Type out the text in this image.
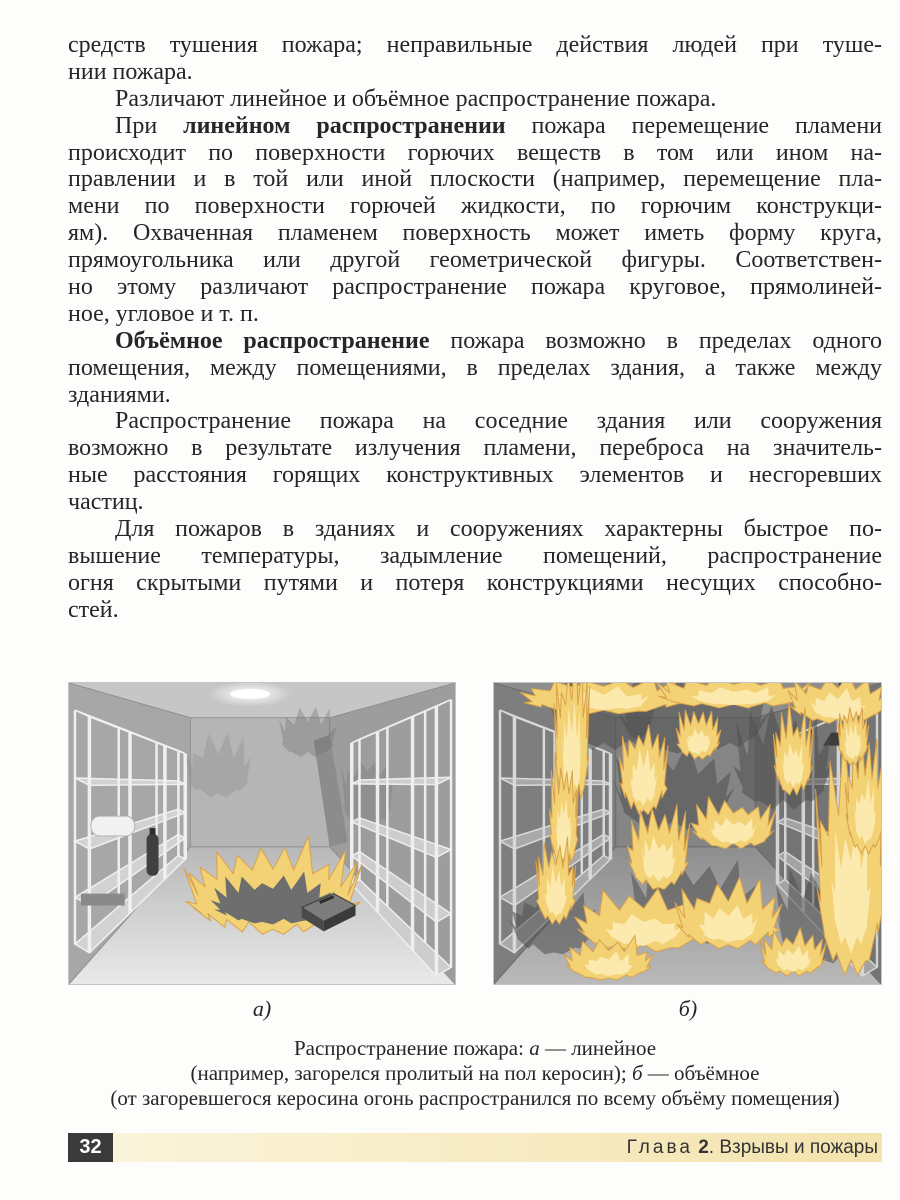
средств тушения пожара; неправильные действия людей при туше-
нии пожара.
Различают линейное и объёмное распространение пожара.
При линейном распространении пожара перемещение пламени
происходит по поверхности горючих веществ в том или ином на-
правлении и в той или иной плоскости (например, перемещение пла-
мени по поверхности горючей жидкости, по горючим конструкци-
ям). Охваченная пламенем поверхность может иметь форму круга,
прямоугольника или другой геометрической фигуры. Соответствен-
но этому различают распространение пожара круговое, прямолиней-
ное, угловое и т. п.
Объёмное распространение пожара возможно в пределах одного
помещения, между помещениями, в пределах здания, а также между
зданиями.
Распространение пожара на соседние здания или сооружения
возможно в результате излучения пламени, переброса на значитель-
ные расстояния горящих конструктивных элементов и несгоревших
частиц.
Для пожаров в зданиях и сооружениях характерны быстрое по-
вышение температуры, задымление помещений, распространение
огня скрытыми путями и потеря конструкциями несущих способно-
стей.
а)	б)
Распространение пожара: а — линейное
(например, загорелся пролитый на пол керосин); б — объёмное
(от загоревшегося керосина огонь распространился по всему объёму помещения)
32	Глава 2. Взрывы и пожары
